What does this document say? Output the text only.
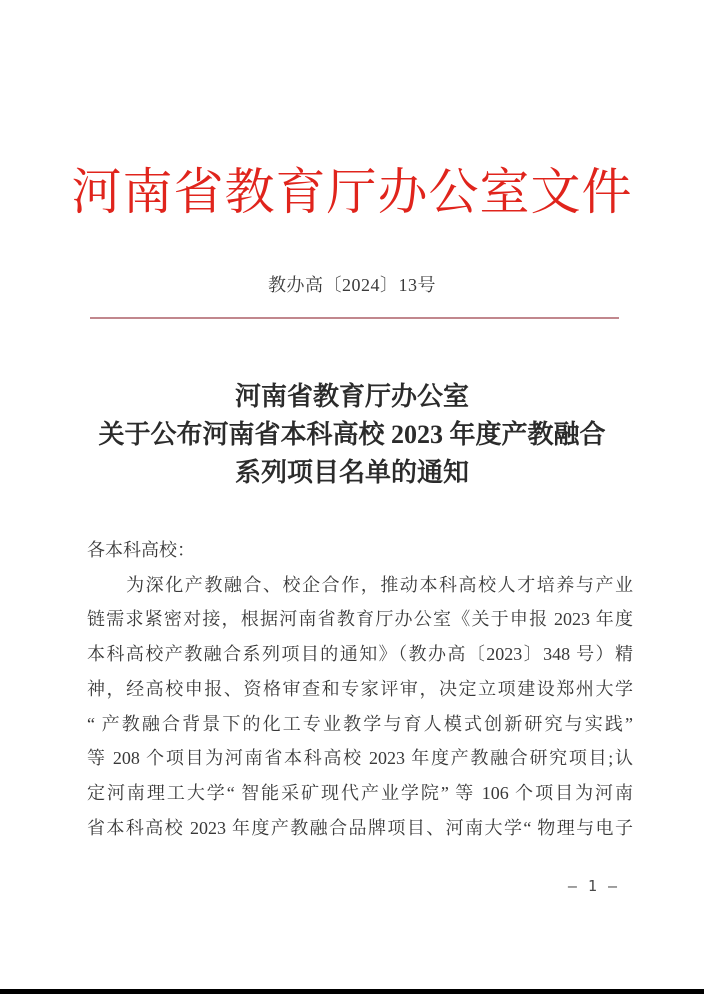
河南省教育厅办公室文件
教办高〔2024〕13号
河南省教育厅办公室
关于公布河南省本科高校 2023 年度产教融合
系列项目名单的通知
各本科高校：
　　为深化产教融合、校企合作，推动本科高校人才培养与产业
链需求紧密对接，根据河南省教育厅办公室《关于申报 2023 年度
本科高校产教融合系列项目的通知》（教办高〔2023〕348 号）精
神，经高校申报、资格审查和专家评审，决定立项建设郑州大学
“ 产教融合背景下的化工专业教学与育人模式创新研究与实践”
等 208 个项目为河南省本科高校 2023 年度产教融合研究项目;认
定河南理工大学“ 智能采矿现代产业学院” 等 106 个项目为河南
省本科高校 2023 年度产教融合品牌项目、河南大学“ 物理与电子
— 1 —
